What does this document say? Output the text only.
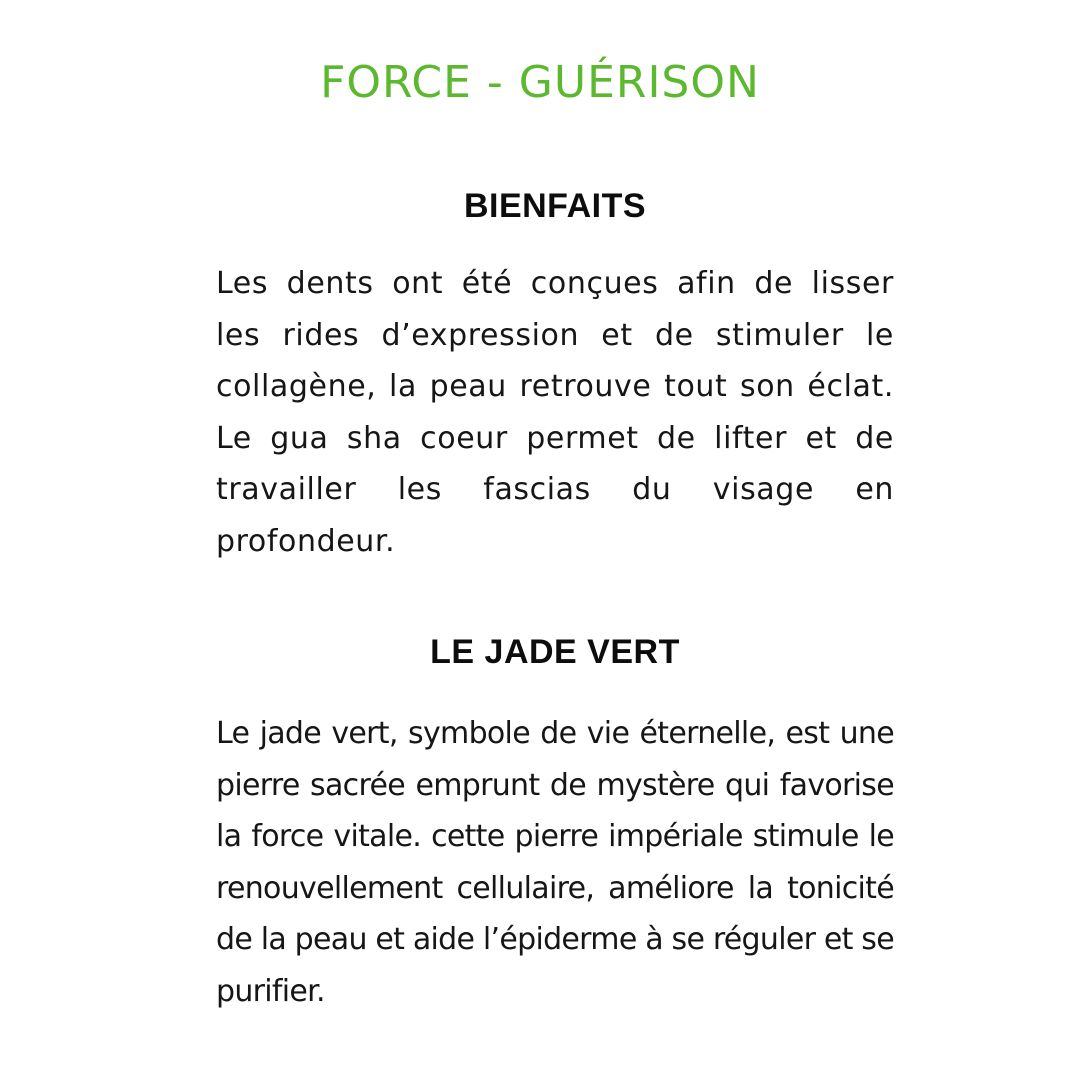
FORCE - GUÉRISON
BIENFAITS

Les dents ont été conçues afin de lisser les rides d’expression et de stimuler le collagène, la peau retrouve tout son éclat. Le gua sha coeur permet de lifter et de travailler les fascias du visage en profondeur.

LE JADE VERT

Le jade vert, symbole de vie éternelle, est une pierre sacrée emprunt de mystère qui favorise la force vitale. cette pierre impériale stimule le renouvellement cellulaire, améliore la tonicité de la peau et aide l’épiderme à se réguler et se purifier.
